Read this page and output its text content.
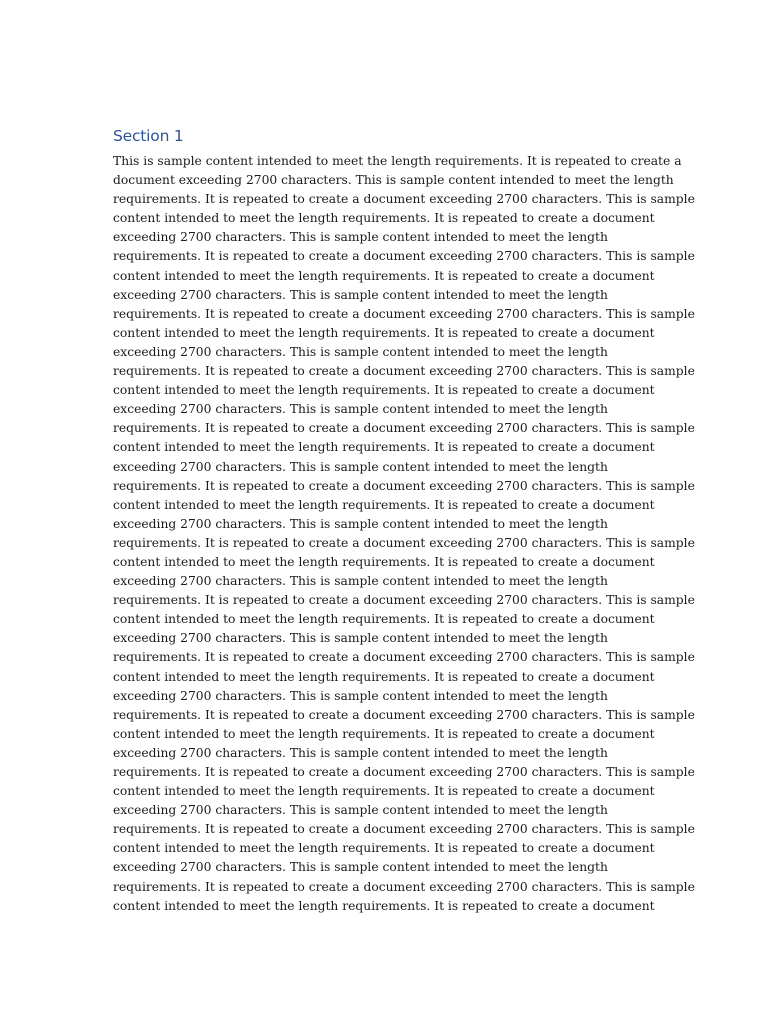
Section 1
This is sample content intended to meet the length requirements. It is repeated to create a
document exceeding 2700 characters. This is sample content intended to meet the length
requirements. It is repeated to create a document exceeding 2700 characters. This is sample
content intended to meet the length requirements. It is repeated to create a document
exceeding 2700 characters. This is sample content intended to meet the length
requirements. It is repeated to create a document exceeding 2700 characters. This is sample
content intended to meet the length requirements. It is repeated to create a document
exceeding 2700 characters. This is sample content intended to meet the length
requirements. It is repeated to create a document exceeding 2700 characters. This is sample
content intended to meet the length requirements. It is repeated to create a document
exceeding 2700 characters. This is sample content intended to meet the length
requirements. It is repeated to create a document exceeding 2700 characters. This is sample
content intended to meet the length requirements. It is repeated to create a document
exceeding 2700 characters. This is sample content intended to meet the length
requirements. It is repeated to create a document exceeding 2700 characters. This is sample
content intended to meet the length requirements. It is repeated to create a document
exceeding 2700 characters. This is sample content intended to meet the length
requirements. It is repeated to create a document exceeding 2700 characters. This is sample
content intended to meet the length requirements. It is repeated to create a document
exceeding 2700 characters. This is sample content intended to meet the length
requirements. It is repeated to create a document exceeding 2700 characters. This is sample
content intended to meet the length requirements. It is repeated to create a document
exceeding 2700 characters. This is sample content intended to meet the length
requirements. It is repeated to create a document exceeding 2700 characters. This is sample
content intended to meet the length requirements. It is repeated to create a document
exceeding 2700 characters. This is sample content intended to meet the length
requirements. It is repeated to create a document exceeding 2700 characters. This is sample
content intended to meet the length requirements. It is repeated to create a document
exceeding 2700 characters. This is sample content intended to meet the length
requirements. It is repeated to create a document exceeding 2700 characters. This is sample
content intended to meet the length requirements. It is repeated to create a document
exceeding 2700 characters. This is sample content intended to meet the length
requirements. It is repeated to create a document exceeding 2700 characters. This is sample
content intended to meet the length requirements. It is repeated to create a document
exceeding 2700 characters. This is sample content intended to meet the length
requirements. It is repeated to create a document exceeding 2700 characters. This is sample
content intended to meet the length requirements. It is repeated to create a document
exceeding 2700 characters. This is sample content intended to meet the length
requirements. It is repeated to create a document exceeding 2700 characters. This is sample
content intended to meet the length requirements. It is repeated to create a document
